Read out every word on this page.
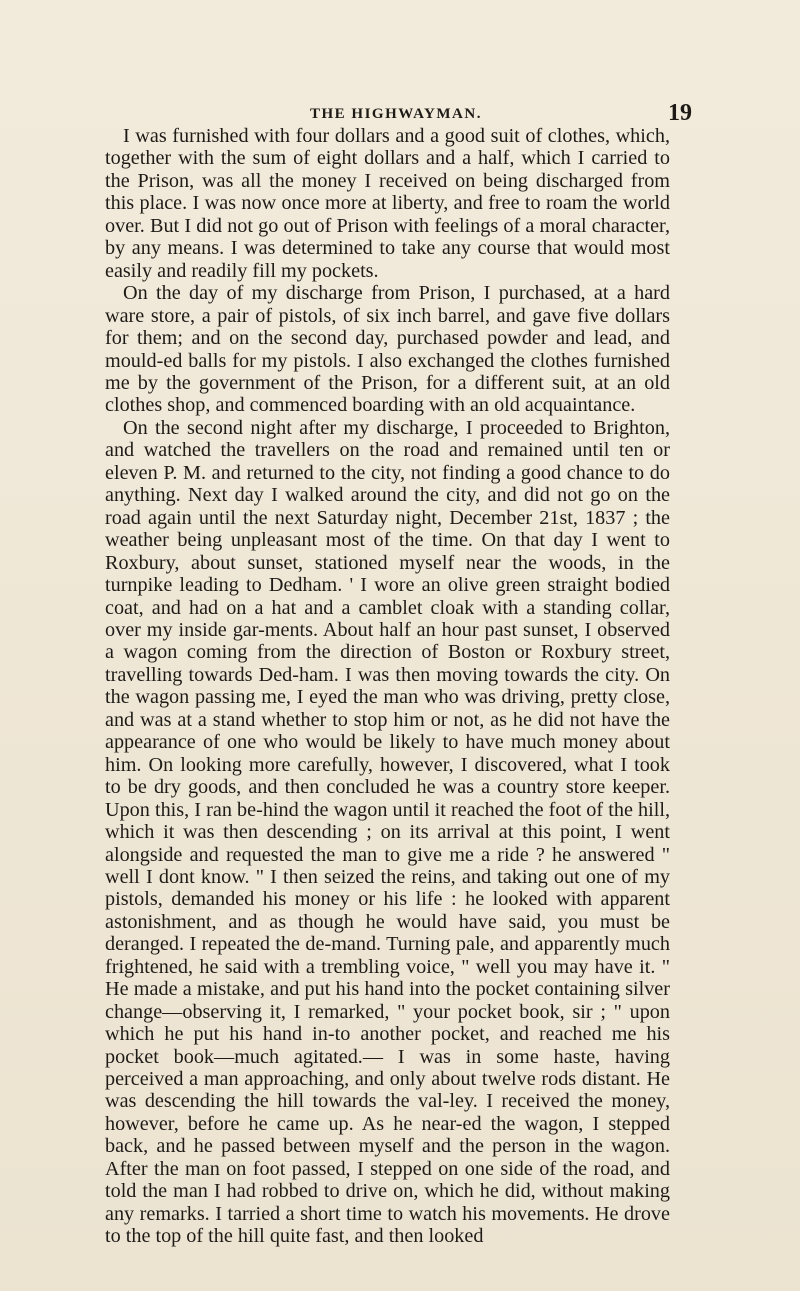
THE HIGHWAYMAN.	19

I was furnished with four dollars and a good suit of clothes, which, together with the sum of eight dollars and a half, which I carried to the Prison, was all the money I received on being discharged from this place. I was now once more at liberty, and free to roam the world over. But I did not go out of Prison with feelings of a moral character, by any means. I was determined to take any course that would most easily and readily fill my pockets.

On the day of my discharge from Prison, I purchased, at a hard ware store, a pair of pistols, of six inch barrel, and gave five dollars for them; and on the second day, purchased powder and lead, and mould-ed balls for my pistols. I also exchanged the clothes furnished me by the government of the Prison, for a different suit, at an old clothes shop, and commenced boarding with an old acquaintance.

On the second night after my discharge, I proceeded to Brighton, and watched the travellers on the road and remained until ten or eleven P. M. and returned to the city, not finding a good chance to do anything. Next day I walked around the city, and did not go on the road again until the next Saturday night, December 21st, 1837 ; the weather being unpleasant most of the time. On that day I went to Roxbury, about sunset, stationed myself near the woods, in the turnpike leading to Dedham. ' I wore an olive green straight bodied coat, and had on a hat and a camblet cloak with a standing collar, over my inside gar-ments. About half an hour past sunset, I observed a wagon coming from the direction of Boston or Roxbury street, travelling towards Ded-ham. I was then moving towards the city. On the wagon passing me, I eyed the man who was driving, pretty close, and was at a stand whether to stop him or not, as he did not have the appearance of one who would be likely to have much money about him. On looking more carefully, however, I discovered, what I took to be dry goods, and then concluded he was a country store keeper. Upon this, I ran be-hind the wagon until it reached the foot of the hill, which it was then descending ; on its arrival at this point, I went alongside and requested the man to give me a ride ? he answered " well I dont know. " I then seized the reins, and taking out one of my pistols, demanded his money or his life : he looked with apparent astonishment, and as though he would have said, you must be deranged. I repeated the de-mand. Turning pale, and apparently much frightened, he said with a trembling voice, " well you may have it. " He made a mistake, and put his hand into the pocket containing silver change—observing it, I remarked, " your pocket book, sir ; " upon which he put his hand in-to another pocket, and reached me his pocket book—much agitated.— I was in some haste, having perceived a man approaching, and only about twelve rods distant. He was descending the hill towards the val-ley. I received the money, however, before he came up. As he near-ed the wagon, I stepped back, and he passed between myself and the person in the wagon. After the man on foot passed, I stepped on one side of the road, and told the man I had robbed to drive on, which he did, without making any remarks. I tarried a short time to watch his movements. He drove to the top of the hill quite fast, and then looked
